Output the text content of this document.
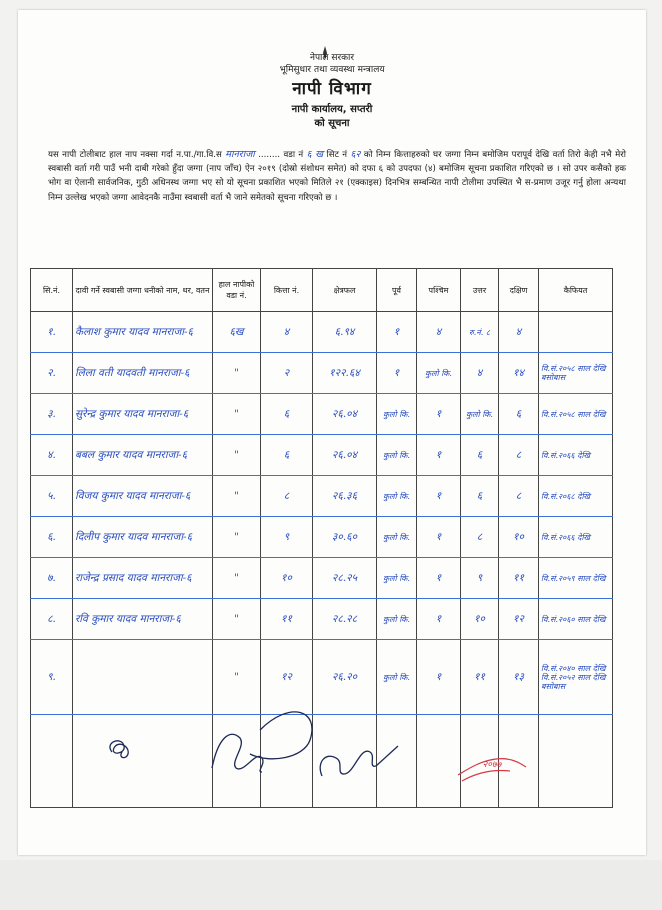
नेपाल सरकार
भूमिसुधार तथा व्यवस्था मन्त्रालय
नापी विभाग
नापी कार्यालय, सप्तरी
को सूचना
यस नापी टोलीबाट हाल नाप नक्सा गर्दा न.पा./गा.वि.स मानराजा ........ वडा नं ६ ख सिट नं ६२ को निम्न कित्ताहरुको घर जग्गा निम्न बमोजिम परापूर्व देखि वर्ता तिरो केही नभै मेरो स्वबासी वर्ता गरी पाउँ भनी दाबी गरेको हुँदा जग्गा (नाप जाँच) ऐन २०१९ (दोस्रो संशोधन समेत) को दफा ६ को उपदफा (४) बमोजिम सूचना प्रकाशित गरिएको छ । सो उपर कसैको हक भोग वा ऐलानी सार्वजनिक, गुठी अधिनस्थ जग्गा भए सो यो सूचना प्रकाशित भएको मितिले २१ (एक्काइस) दिनभित्र सम्बन्धित नापी टोलीमा उपस्थित भै स-प्रमाण उजूर गर्नु होला अन्यथा निम्न उल्लेख भएको जग्गा आवेदनकै नाउँमा स्वबासी वर्ता भै जाने समेतको सूचना गरिएको छ ।
सि.नं.	दावी गर्ने स्वबासी जग्गा धनीको नाम, थर, वतन	हाल नापीको वडा नं.	कित्ता नं.	क्षेत्रफल	पूर्व	पश्चिम	उत्तर	दक्षिण	कैफियत

१.	कैलाश कुमार यादव मानराजा-६	६ख	४	६.९४	१	४	रु.नं. ८	४	

२.	लिला वती यादवती मानराजा-६	"	२	१२२.६४	१	कुलो कि.	४	१४	वि.सं.२०५८ साल देखि बसोबास

३.	सुरेन्द्र कुमार यादव मानराजा-६	"	६	२६.०४	कुलो कि.	१	कुलो कि.	६	वि.सं.२०५८ साल देखि

४.	बबल कुमार यादव मानराजा-६	"	६	२६.०४	कुलो कि.	१	६	८	वि.सं.२०६६ देखि

५.	विजय कुमार यादव मानराजा-६	"	८	२६.३६	कुलो कि.	१	६	८	वि.सं.२०६८ देखि

६.	दिलीप कुमार यादव मानराजा-६	"	९	३०.६०	कुलो कि.	१	८	१०	वि.सं.२०६६ देखि

७.	राजेन्द्र प्रसाद यादव मानराजा-६	"	१०	२८.२५	कुलो कि.	१	९	११	वि.सं.२०५९ साल देखि

८.	रवि कुमार यादव मानराजा-६	"	११	२८.२८	कुलो कि.	१	१०	१२	वि.सं.२०६० साल देखि

९.		"	१२	२६.२०	कुलो कि.	१	११	१३	वि.सं.२०४० साल देखि वि.सं.२०५२ साल देखि बसोबास

२०७७
